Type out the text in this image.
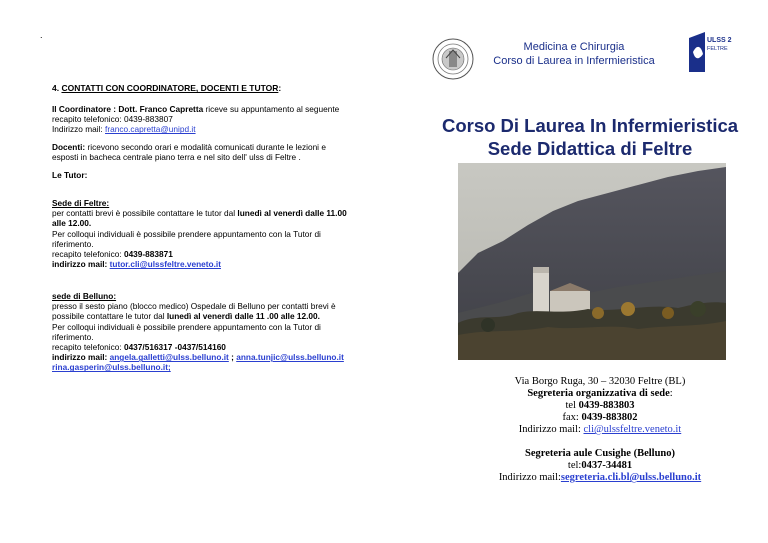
.
Medicina e Chirurgia
Corso di Laurea in Infermieristica
ULSS 2
FELTRE
4. CONTATTI CON COORDINATORE, DOCENTI E TUTOR:
Il Coordinatore : Dott. Franco Capretta riceve su appuntamento al seguente
recapito telefonico: 0439-883807
Indirizzo mail: franco.capretta@unipd.it
Docenti: ricevono secondo orari e modalità comunicati durante le lezioni e
esposti in bacheca centrale piano terra e nel sito dell' ulss di Feltre .
Le Tutor:
Sede di Feltre:
per contatti brevi è possibile contattare le tutor dal lunedì al venerdì dalle 11.00
alle 12.00.
Per colloqui individuali è possibile prendere appuntamento con la Tutor di
riferimento.
recapito telefonico: 0439-883871
indirizzo mail: tutor.cli@ulssfeltre.veneto.it
sede di Belluno:
presso il sesto piano (blocco medico) Ospedale di Belluno per contatti brevi è
possibile contattare le tutor dal lunedì al venerdì dalle 11 .00 alle 12.00.
Per colloqui individuali è possibile prendere appuntamento con la Tutor di
riferimento.
recapito telefonico: 0437/516317 -0437/514160
indirizzo mail: angela.galletti@ulss.belluno.it ; anna.tunjic@ulss.belluno.it
rina.gasperin@ulss.belluno.it;
Corso Di Laurea In Infermieristica
Sede Didattica di Feltre
Via Borgo Ruga, 30 – 32030 Feltre (BL)
Segreteria organizzativa di sede:
tel 0439-883803
fax: 0439-883802
Indirizzo mail: cli@ulssfeltre.veneto.it
Segreteria aule Cusighe (Belluno)
tel:0437-34481
Indirizzo mail:segreteria.cli.bl@ulss.belluno.it
